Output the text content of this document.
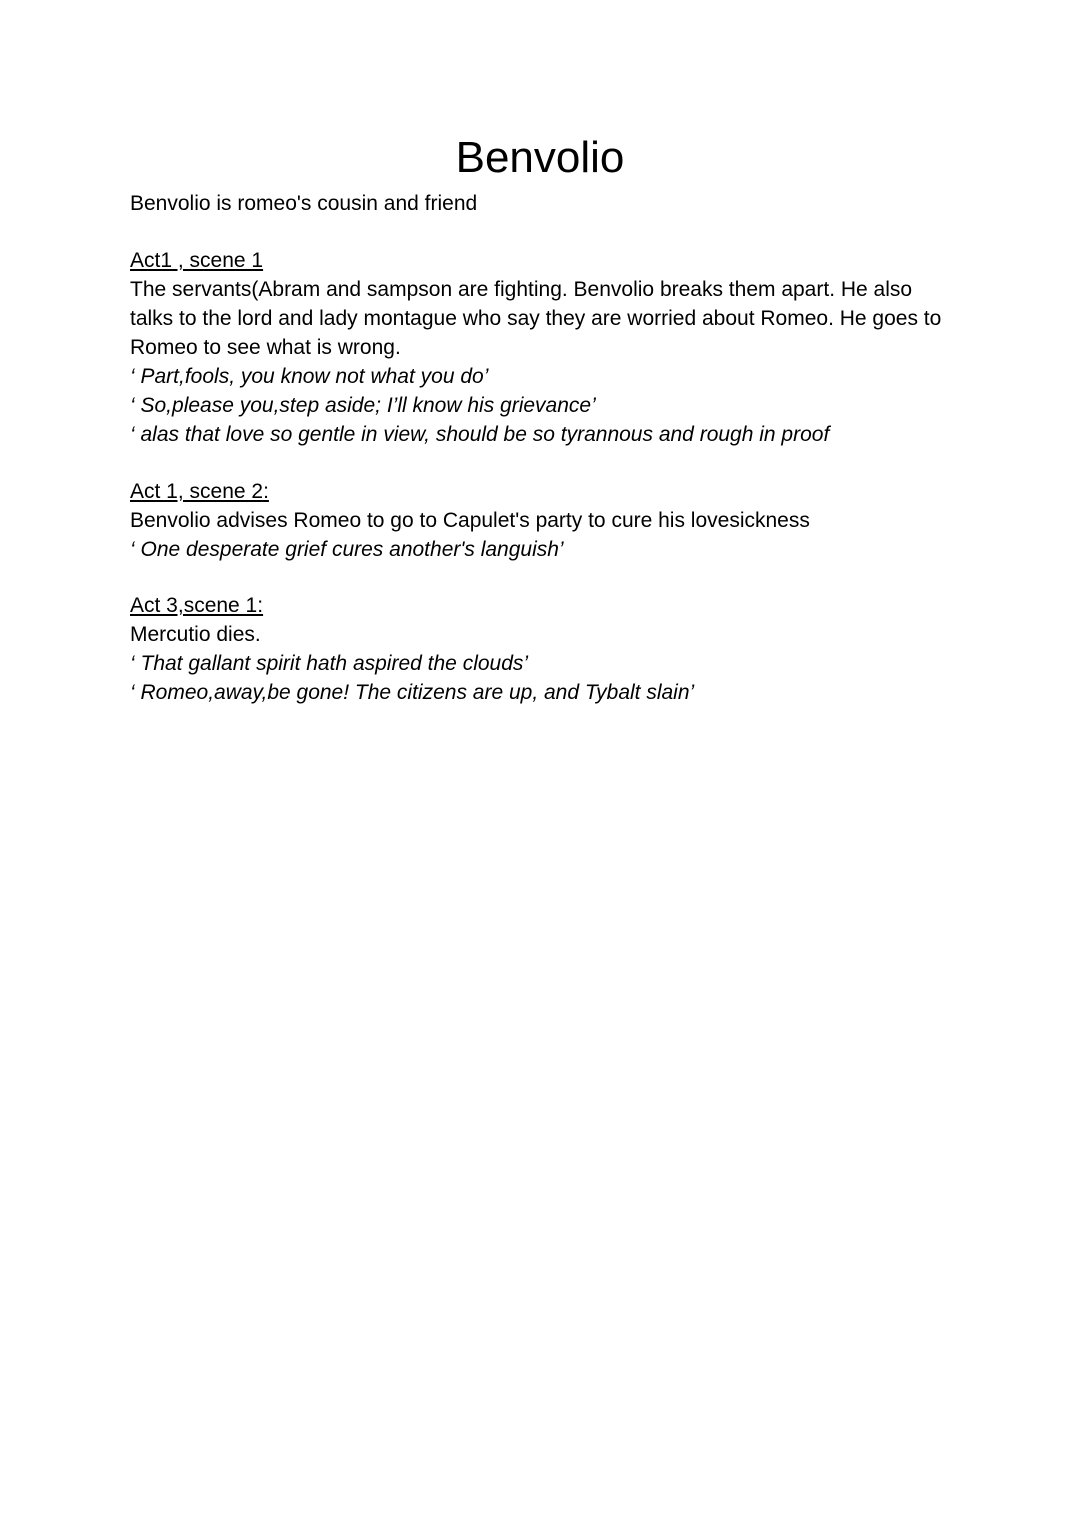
Benvolio
Benvolio is romeo's cousin and friend
Act1 , scene 1
The servants(Abram and sampson are fighting. Benvolio breaks them apart. He also talks to the lord and lady montague who say they are worried about Romeo. He goes to Romeo to see what is wrong.
‘ Part,fools, you know not what you do’
‘ So,please you,step aside; I’ll know his grievance’
‘ alas that love so gentle in view, should be so tyrannous and rough in proof
Act 1, scene 2:
Benvolio advises Romeo to go to Capulet's party to cure his lovesickness
‘ One desperate grief cures another's languish’
Act 3,scene 1:
Mercutio dies.
‘ That gallant spirit hath aspired the clouds’
‘ Romeo,away,be gone! The citizens are up, and Tybalt slain’
